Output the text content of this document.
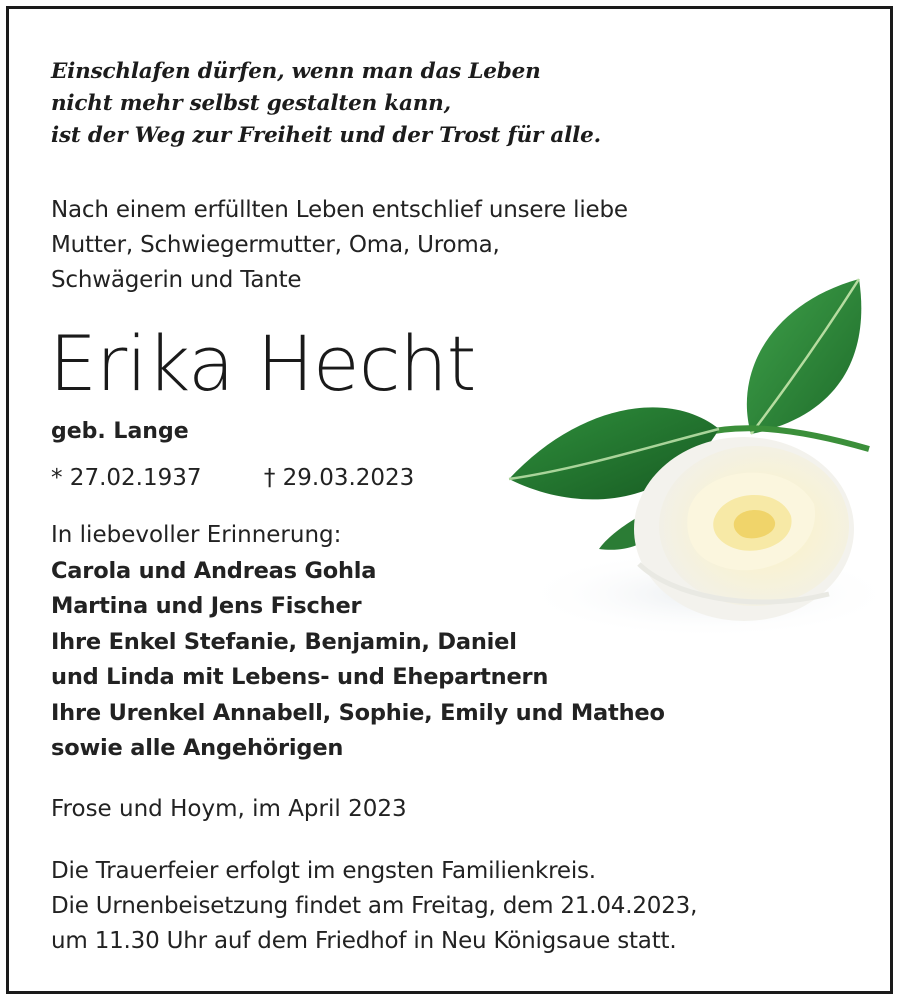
Einschlafen dürfen, wenn man das Leben
nicht mehr selbst gestalten kann,
ist der Weg zur Freiheit und der Trost für alle.
Nach einem erfüllten Leben entschlief unsere liebe
Mutter, Schwiegermutter, Oma, Uroma,
Schwägerin und Tante
Erika Hecht
geb. Lange
* 27.02.1937	† 29.03.2023
In liebevoller Erinnerung:
Carola und Andreas Gohla
Martina und Jens Fischer
Ihre Enkel Stefanie, Benjamin, Daniel
und Linda mit Lebens- und Ehepartnern
Ihre Urenkel Annabell, Sophie, Emily und Matheo
sowie alle Angehörigen
Frose und Hoym, im April 2023
Die Trauerfeier erfolgt im engsten Familienkreis.
Die Urnenbeisetzung findet am Freitag, dem 21.04.2023,
um 11.30 Uhr auf dem Friedhof in Neu Königsaue statt.
